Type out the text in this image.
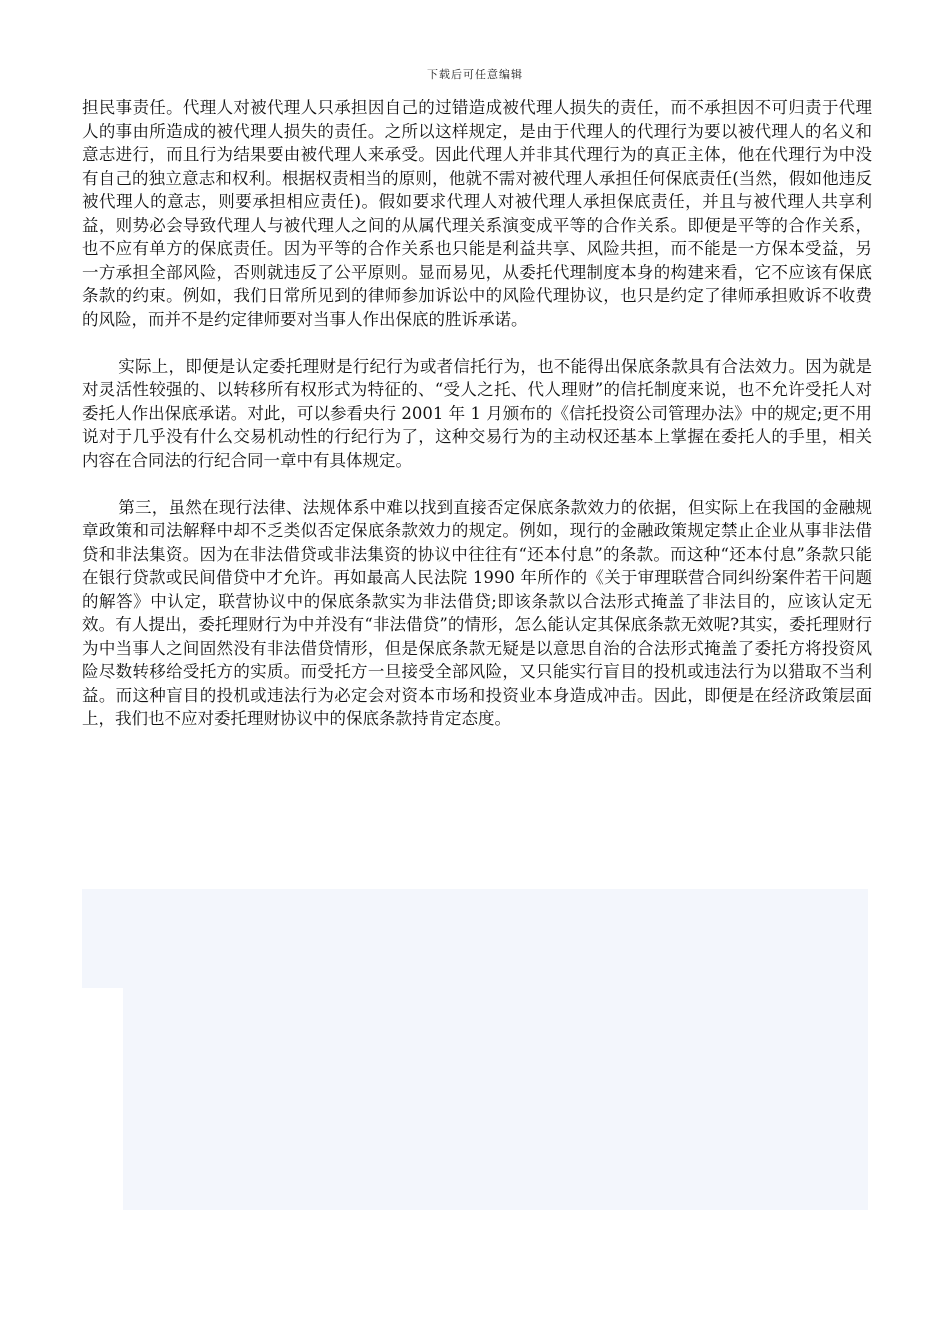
下载后可任意编辑

担民事责任。代理人对被代理人只承担因自己的过错造成被代理人损失的责任，而不承担因不可归责于代理人的事由所造成的被代理人损失的责任。之所以这样规定，是由于代理人的代理行为要以被代理人的名义和意志进行，而且行为结果要由被代理人来承受。因此代理人并非其代理行为的真正主体，他在代理行为中没有自己的独立意志和权利。根据权责相当的原则，他就不需对被代理人承担任何保底责任(当然，假如他违反被代理人的意志，则要承担相应责任)。假如要求代理人对被代理人承担保底责任，并且与被代理人共享利益，则势必会导致代理人与被代理人之间的从属代理关系演变成平等的合作关系。即便是平等的合作关系，也不应有单方的保底责任。因为平等的合作关系也只能是利益共享、风险共担，而不能是一方保本受益，另一方承担全部风险，否则就违反了公平原则。显而易见，从委托代理制度本身的构建来看，它不应该有保底条款的约束。例如，我们日常所见到的律师参加诉讼中的风险代理协议，也只是约定了律师承担败诉不收费的风险，而并不是约定律师要对当事人作出保底的胜诉承诺。

实际上，即便是认定委托理财是行纪行为或者信托行为，也不能得出保底条款具有合法效力。因为就是对灵活性较强的、以转移所有权形式为特征的、“受人之托、代人理财”的信托制度来说，也不允许受托人对委托人作出保底承诺。对此，可以参看央行 2001 年 1 月颁布的《信托投资公司管理办法》中的规定;更不用说对于几乎没有什么交易机动性的行纪行为了，这种交易行为的主动权还基本上掌握在委托人的手里，相关内容在合同法的行纪合同一章中有具体规定。

第三，虽然在现行法律、法规体系中难以找到直接否定保底条款效力的依据，但实际上在我国的金融规章政策和司法解释中却不乏类似否定保底条款效力的规定。例如，现行的金融政策规定禁止企业从事非法借贷和非法集资。因为在非法借贷或非法集资的协议中往往有“还本付息”的条款。而这种“还本付息”条款只能在银行贷款或民间借贷中才允许。再如最高人民法院 1990 年所作的《关于审理联营合同纠纷案件若干问题的解答》中认定，联营协议中的保底条款实为非法借贷;即该条款以合法形式掩盖了非法目的，应该认定无效。有人提出，委托理财行为中并没有“非法借贷”的情形，怎么能认定其保底条款无效呢?其实，委托理财行为中当事人之间固然没有非法借贷情形，但是保底条款无疑是以意思自治的合法形式掩盖了委托方将投资风险尽数转移给受托方的实质。而受托方一旦接受全部风险，又只能实行盲目的投机或违法行为以猎取不当利益。而这种盲目的投机或违法行为必定会对资本市场和投资业本身造成冲击。因此，即便是在经济政策层面上，我们也不应对委托理财协议中的保底条款持肯定态度。
